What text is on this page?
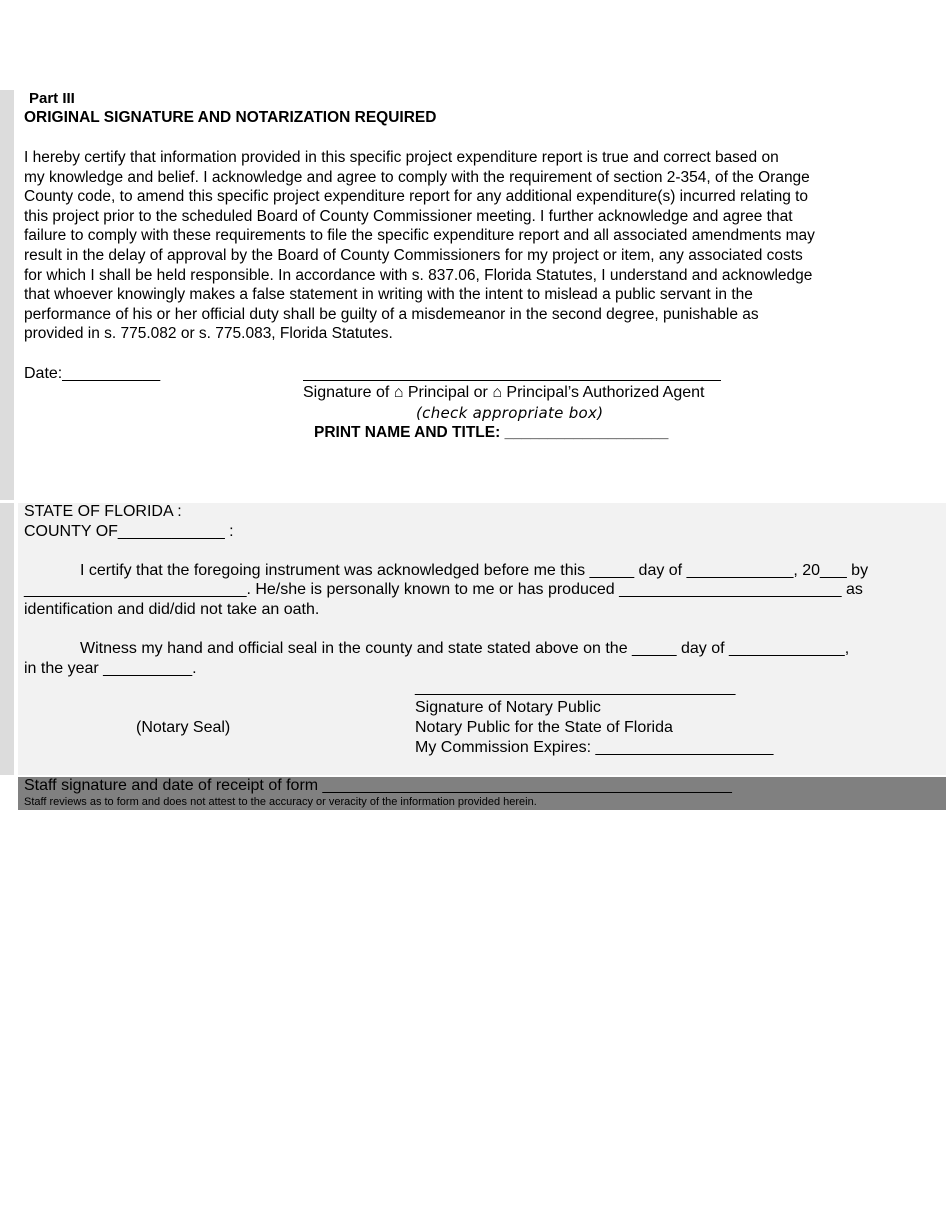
Part III
ORIGINAL SIGNATURE AND NOTARIZATION REQUIRED
I hereby certify that information provided in this specific project expenditure report is true and correct based on
my knowledge and belief. I acknowledge and agree to comply with the requirement of section 2-354, of the Orange
County code, to amend this specific project expenditure report for any additional expenditure(s) incurred relating to
this project prior to the scheduled Board of County Commissioner meeting. I further acknowledge and agree that
failure to comply with these requirements to file the specific expenditure report and all associated amendments may
result in the delay of approval by the Board of County Commissioners for my project or item, any associated costs
for which I shall be held responsible. In accordance with s. 837.06, Florida Statutes, I understand and acknowledge
that whoever knowingly makes a false statement in writing with the intent to mislead a public servant in the
performance of his or her official duty shall be guilty of a misdemeanor in the second degree, punishable as
provided in s. 775.082 or s. 775.083, Florida Statutes.
Date:___________
Signature of ⌂ Principal or ⌂ Principal’s Authorized Agent
(check appropriate box)
PRINT NAME AND TITLE: ___________________
STATE OF FLORIDA :
COUNTY OF____________ :
I certify that the foregoing instrument was acknowledged before me this _____ day of ____________, 20___ by
_________________________. He/she is personally known to me or has produced _________________________ as
identification and did/did not take an oath.
Witness my hand and official seal in the county and state stated above on the _____ day of _____________,
in the year __________.
____________________________________
Signature of Notary Public
Notary Public for the State of Florida
(Notary Seal)
My Commission Expires: ____________________
Staff signature and date of receipt of form ______________________________________________
Staff reviews as to form and does not attest to the accuracy or veracity of the information provided herein.
